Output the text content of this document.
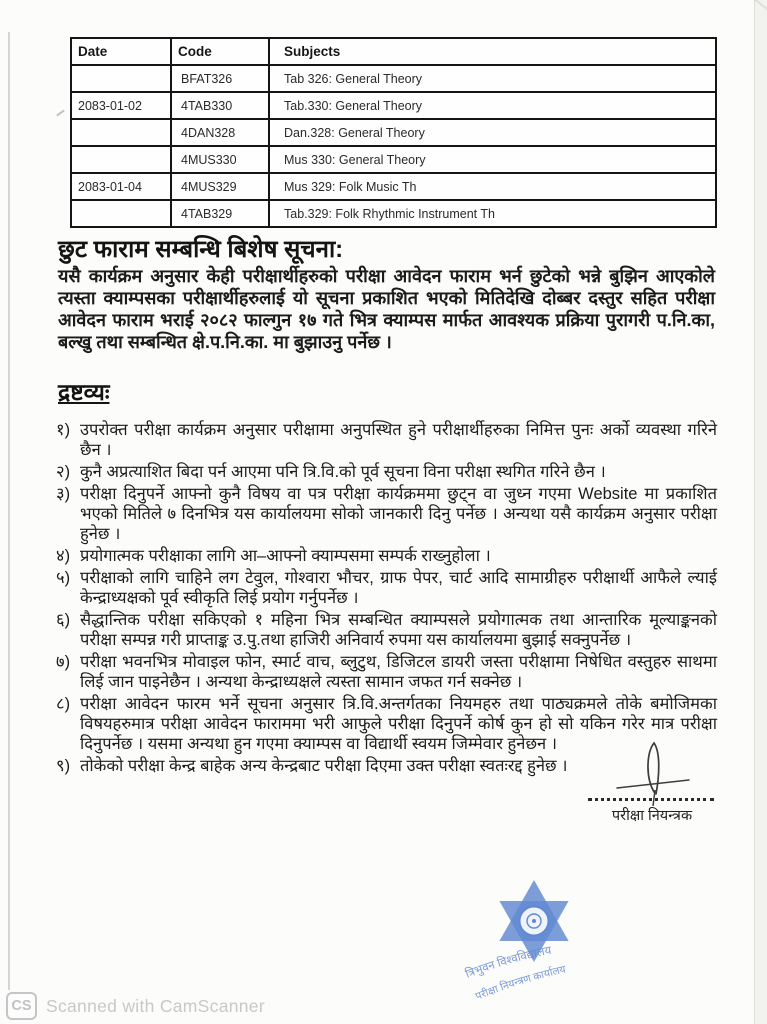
Date	Code	Subjects
	BFAT326	Tab 326: General Theory
2083-01-02	4TAB330	Tab.330: General Theory
	4DAN328	Dan.328: General Theory
	4MUS330	Mus 330: General Theory
2083-01-04	4MUS329	Mus 329: Folk Music Th
	4TAB329	Tab.329: Folk Rhythmic Instrument Th
छुट फाराम सम्बन्धि बिशेष सूचना:

यसै कार्यक्रम अनुसार केही परीक्षार्थीहरुको परीक्षा आवेदन फाराम भर्न छुटेको भन्ने बुझिन आएकोले त्यस्ता क्याम्पसका परीक्षार्थीहरुलाई यो सूचना प्रकाशित भएको मितिदेखि दोब्बर दस्तुर सहित परीक्षा आवेदन फाराम भराई २०८२ फाल्गुन १७ गते भित्र क्याम्पस मार्फत आवश्यक प्रक्रिया पुरागरी प.नि.का, बल्खु तथा सम्बन्धित क्षे.प.नि.का. मा बुझाउनु पर्नेछ ।

द्रष्टव्यः
१) उपरोक्त परीक्षा कार्यक्रम अनुसार परीक्षामा अनुपस्थित हुने परीक्षार्थीहरुका निमित्त पुनः अर्को व्यवस्था गरिने छैन ।
२) कुनै अप्रत्याशित बिदा पर्न आएमा पनि त्रि.वि.को पूर्व सूचना विना परीक्षा स्थगित गरिने छैन ।
३) परीक्षा दिनुपर्ने आफ्नो कुनै विषय वा पत्र परीक्षा कार्यक्रममा छुट्न वा जुध्न गएमा Website मा प्रकाशित भएको मितिले ७ दिनभित्र यस कार्यालयमा सोको जानकारी दिनु पर्नेछ । अन्यथा यसै कार्यक्रम अनुसार परीक्षा हुनेछ ।
४) प्रयोगात्मक परीक्षाका लागि आ–आफ्नो क्याम्पसमा सम्पर्क राख्नुहोला ।
५) परीक्षाको लागि चाहिने लग टेवुल, गोश्वारा भौचर, ग्राफ पेपर, चार्ट आदि सामाग्रीहरु परीक्षार्थी आफैले ल्याई केन्द्राध्यक्षको पूर्व स्वीकृति लिई प्रयोग गर्नुपर्नेछ ।
६) सैद्धान्तिक परीक्षा सकिएको १ महिना भित्र सम्बन्धित क्याम्पसले प्रयोगात्मक तथा आन्तारिक मूल्याङ्कनको परीक्षा सम्पन्न गरी प्राप्ताङ्क उ.पु.तथा हाजिरी अनिवार्य रुपमा यस कार्यालयमा बुझाई सक्नुपर्नेछ ।
७) परीक्षा भवनभित्र मोवाइल फोन, स्मार्ट वाच, ब्लुटुथ, डिजिटल डायरी जस्ता परीक्षामा निषेधित वस्तुहरु साथमा लिई जान पाइनेछैन । अन्यथा केन्द्राध्यक्षले त्यस्ता सामान जफत गर्न सक्नेछ ।
८) परीक्षा आवेदन फारम भर्ने सूचना अनुसार त्रि.वि.अन्तर्गतका नियमहरु तथा पाठ्यक्रमले तोके बमोजिमका विषयहरुमात्र परीक्षा आवेदन फाराममा भरी आफुले परीक्षा दिनुपर्ने कोर्ष कुन हो सो यकिन गरेर मात्र परीक्षा दिनुपर्नेछ । यसमा अन्यथा हुन गएमा क्याम्पस वा विद्यार्थी स्वयम जिम्मेवार हुनेछन ।
९) तोकेको परीक्षा केन्द्र बाहेक अन्य केन्द्रबाट परीक्षा दिएमा उक्त परीक्षा स्वतःरद्द हुनेछ ।
परीक्षा नियन्त्रक
त्रिभुवन विश्वविद्यालय
परीक्षा नियन्त्रण कार्यालय
CS Scanned with CamScanner
